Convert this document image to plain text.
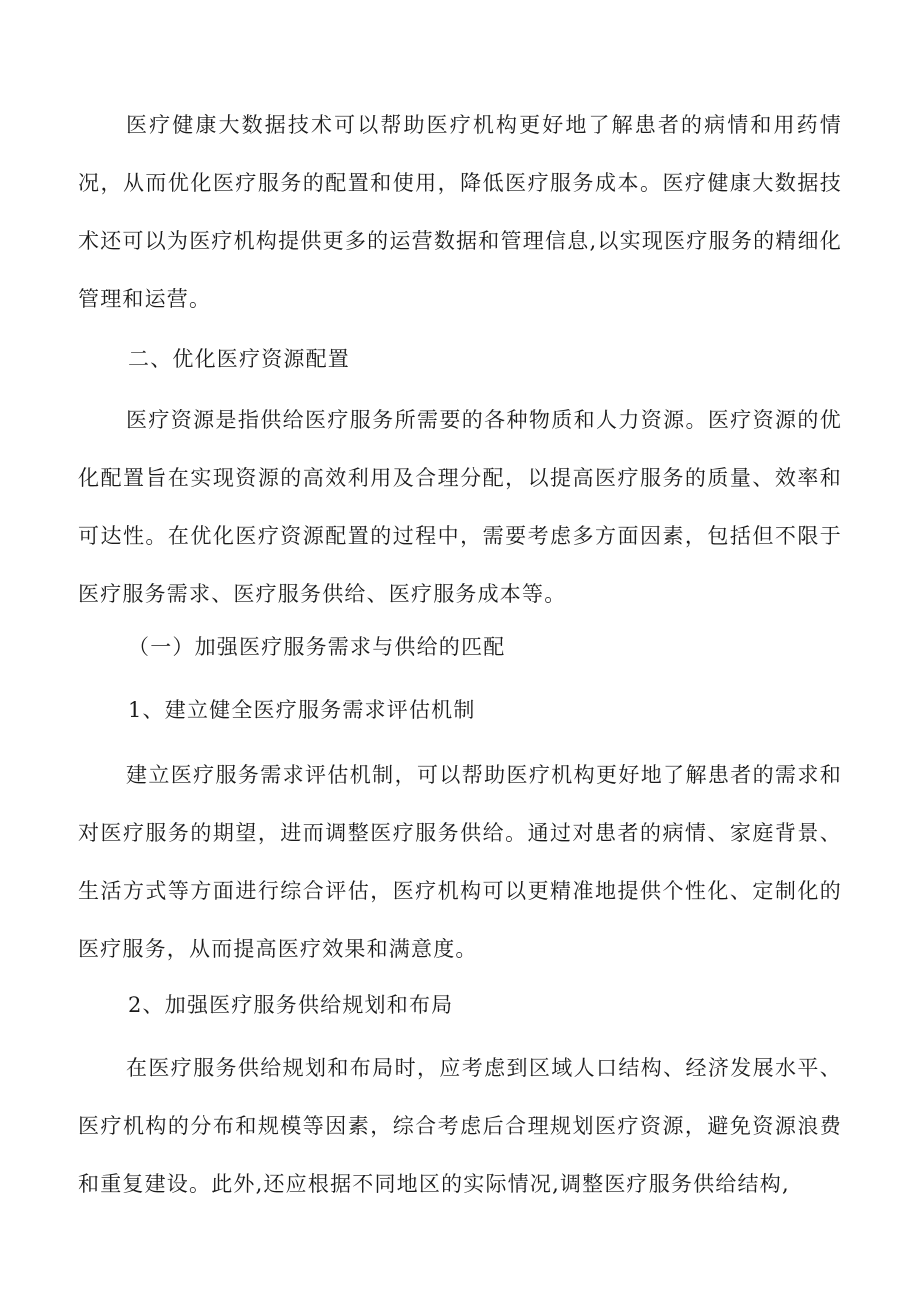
医疗健康大数据技术可以帮助医疗机构更好地了解患者的病情和用药情况，从而优化医疗服务的配置和使用，降低医疗服务成本。医疗健康大数据技术还可以为医疗机构提供更多的运营数据和管理信息,以实现医疗服务的精细化管理和运营。

二、优化医疗资源配置

医疗资源是指供给医疗服务所需要的各种物质和人力资源。医疗资源的优化配置旨在实现资源的高效利用及合理分配，以提高医疗服务的质量、效率和可达性。在优化医疗资源配置的过程中，需要考虑多方面因素，包括但不限于医疗服务需求、医疗服务供给、医疗服务成本等。

（一）加强医疗服务需求与供给的匹配
1、建立健全医疗服务需求评估机制

建立医疗服务需求评估机制，可以帮助医疗机构更好地了解患者的需求和对医疗服务的期望，进而调整医疗服务供给。通过对患者的病情、家庭背景、生活方式等方面进行综合评估，医疗机构可以更精准地提供个性化、定制化的医疗服务，从而提高医疗效果和满意度。

2、加强医疗服务供给规划和布局

在医疗服务供给规划和布局时，应考虑到区域人口结构、经济发展水平、医疗机构的分布和规模等因素，综合考虑后合理规划医疗资源，避免资源浪费和重复建设。此外,还应根据不同地区的实际情况,调整医疗服务供给结构,
